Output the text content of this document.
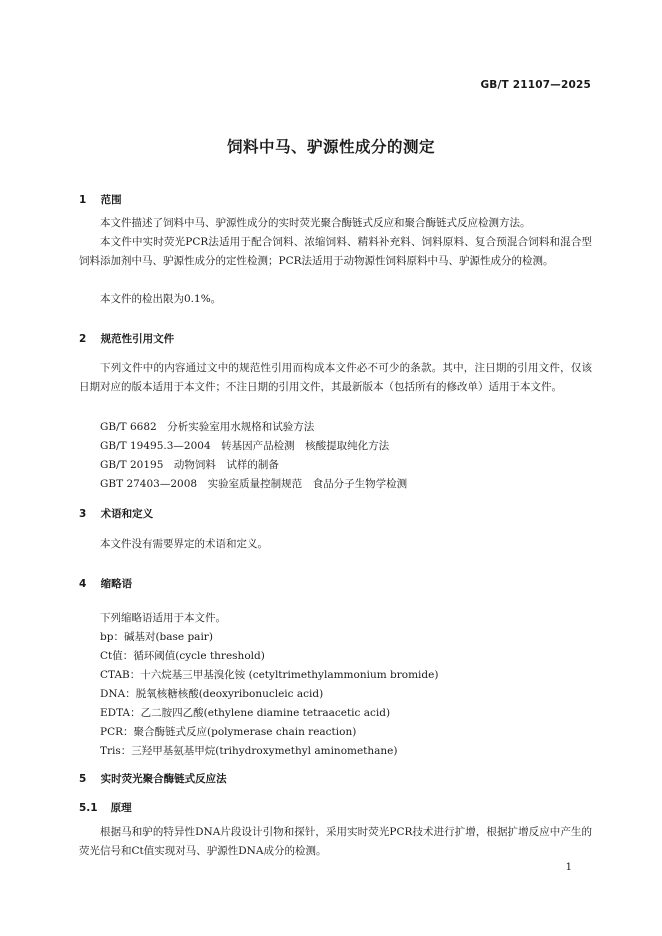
GB/T 21107—2025
饲料中马、驴源性成分的测定
1 范围

本文件描述了饲料中马、驴源性成分的实时荧光聚合酶链式反应和聚合酶链式反应检测方法。

本文件中实时荧光PCR法适用于配合饲料、浓缩饲料、精料补充料、饲料原料、复合预混合饲料和混合型饲料添加剂中马、驴源性成分的定性检测；PCR法适用于动物源性饲料原料中马、驴源性成分的检测。

本文件的检出限为0.1%。

2 规范性引用文件

下列文件中的内容通过文中的规范性引用而构成本文件必不可少的条款。其中，注日期的引用文件，仅该日期对应的版本适用于本文件；不注日期的引用文件，其最新版本（包括所有的修改单）适用于本文件。

GB/T 6682　分析实验室用水规格和试验方法
GB/T 19495.3—2004　转基因产品检测　核酸提取纯化方法
GB/T 20195　动物饲料　试样的制备
GBT 27403—2008　实验室质量控制规范　食品分子生物学检测
3 术语和定义

本文件没有需要界定的术语和定义。

4 缩略语
下列缩略语适用于本文件。
bp：碱基对(base pair)
Ct值：循环阈值(cycle threshold)
CTAB：十六烷基三甲基溴化铵 (cetyltrimethylammonium bromide)
DNA：脱氧核糖核酸(deoxyribonucleic acid)
EDTA：乙二胺四乙酸(ethylene diamine tetraacetic acid)
PCR：聚合酶链式反应(polymerase chain reaction)
Tris：三羟甲基氨基甲烷(trihydroxymethyl aminomethane)
5 实时荧光聚合酶链式反应法
5.1 原理

根据马和驴的特异性DNA片段设计引物和探针，采用实时荧光PCR技术进行扩增，根据扩增反应中产生的荧光信号和Ct值实现对马、驴源性DNA成分的检测。

1
